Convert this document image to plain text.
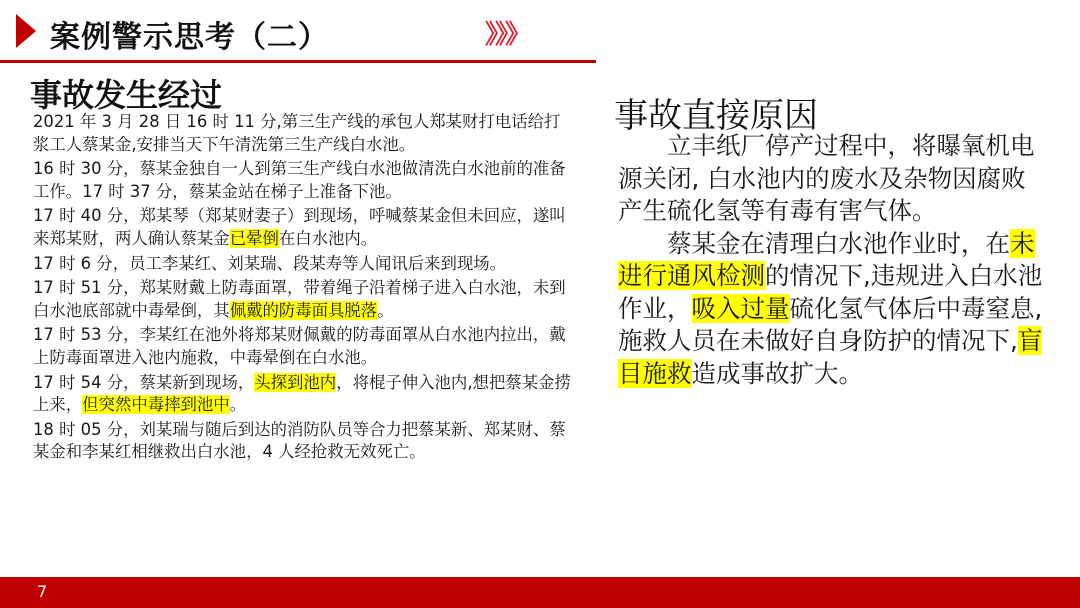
案例警示思考（二）	》》》
事故发生经过

2021 年 3 月 28 日 16 时 11 分,第三生产线的承包人郑某财打电话给打浆工人蔡某金,安排当天下午清洗第三生产线白水池。

16 时 30 分，蔡某金独自一人到第三生产线白水池做清洗白水池前的准备工作。17 时 37 分，蔡某金站在梯子上准备下池。

17 时 40 分，郑某琴（郑某财妻子）到现场，呼喊蔡某金但未回应，遂叫来郑某财，两人确认蔡某金已晕倒在白水池内。

17 时 6 分，员工李某红、刘某瑞、段某寿等人闻讯后来到现场。

17 时 51 分，郑某财戴上防毒面罩，带着绳子沿着梯子进入白水池，未到白水池底部就中毒晕倒，其佩戴的防毒面具脱落。

17 时 53 分，李某红在池外将郑某财佩戴的防毒面罩从白水池内拉出，戴上防毒面罩进入池内施救，中毒晕倒在白水池。

17 时 54 分，蔡某新到现场，头探到池内，将棍子伸入池内,想把蔡某金捞上来，但突然中毒摔到池中。

18 时 05 分，刘某瑞与随后到达的消防队员等合力把蔡某新、郑某财、蔡某金和李某红相继救出白水池，4 人经抢救无效死亡。

事故直接原因

　　立丰纸厂停产过程中，将曝氧机电源关闭, 白水池内的废水及杂物因腐败产生硫化氢等有毒有害气体。

　　蔡某金在清理白水池作业时，在未进行通风检测的情况下,违规进入白水池作业，吸入过量硫化氢气体后中毒窒息,施救人员在未做好自身防护的情况下,盲目施救造成事故扩大。

7
